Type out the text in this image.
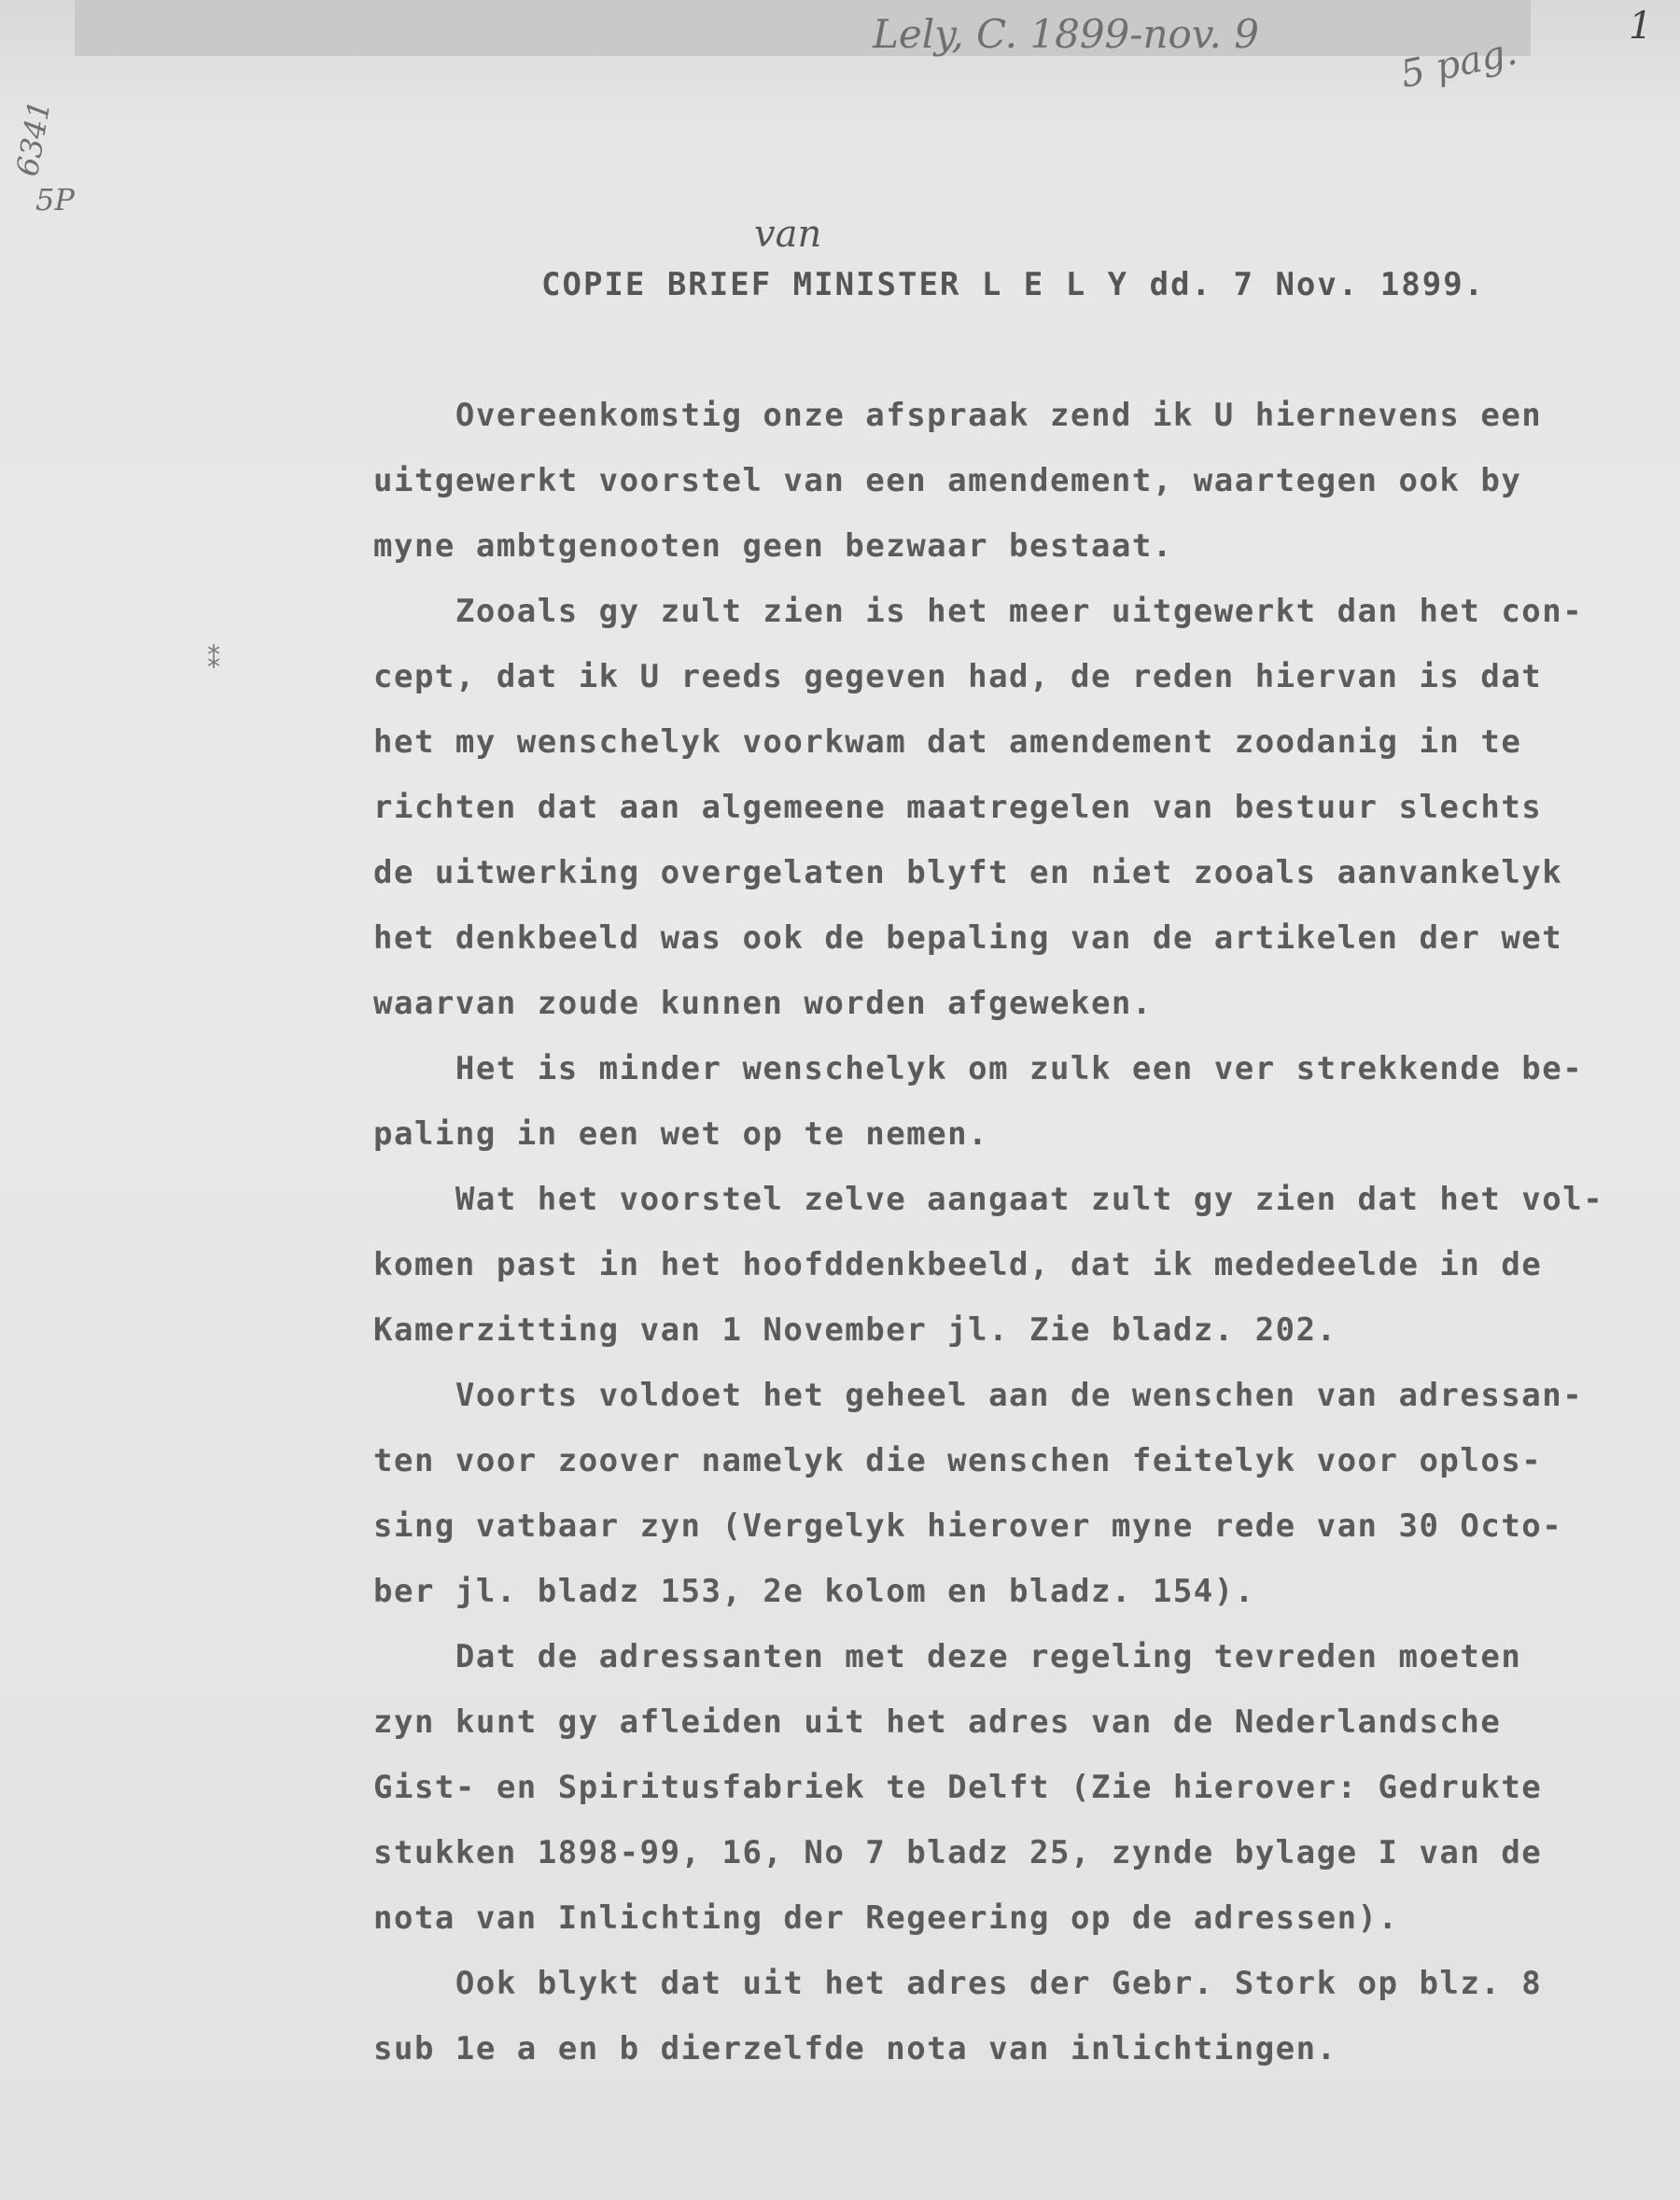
Lely, C. 1899-nov. 9	5 pag.
1
6341
5P
van
COPIE BRIEF MINISTER L E L Y dd. 7 Nov. 1899.
⁑
Overeenkomstig onze afspraak zend ik U hiernevens een
uitgewerkt voorstel van een amendement, waartegen ook by
myne ambtgenooten geen bezwaar bestaat.
Zooals gy zult zien is het meer uitgewerkt dan het con-
cept, dat ik U reeds gegeven had, de reden hiervan is dat
het my wenschelyk voorkwam dat amendement zoodanig in te
richten dat aan algemeene maatregelen van bestuur slechts
de uitwerking overgelaten blyft en niet zooals aanvankelyk
het denkbeeld was ook de bepaling van de artikelen der wet
waarvan zoude kunnen worden afgeweken.
Het is minder wenschelyk om zulk een ver strekkende be-
paling in een wet op te nemen.
Wat het voorstel zelve aangaat zult gy zien dat het vol-
komen past in het hoofddenkbeeld, dat ik mededeelde in de
Kamerzitting van 1 November jl. Zie bladz. 202.
Voorts voldoet het geheel aan de wenschen van adressan-
ten voor zoover namelyk die wenschen feitelyk voor oplos-
sing vatbaar zyn (Vergelyk hierover myne rede van 30 Octo-
ber jl. bladz 153, 2e kolom en bladz. 154).
Dat de adressanten met deze regeling tevreden moeten
zyn kunt gy afleiden uit het adres van de Nederlandsche
Gist- en Spiritusfabriek te Delft (Zie hierover: Gedrukte
stukken 1898-99, 16, No 7 bladz 25, zynde bylage I van de
nota van Inlichting der Regeering op de adressen).
Ook blykt dat uit het adres der Gebr. Stork op blz. 8
sub 1e a en b dierzelfde nota van inlichtingen.
